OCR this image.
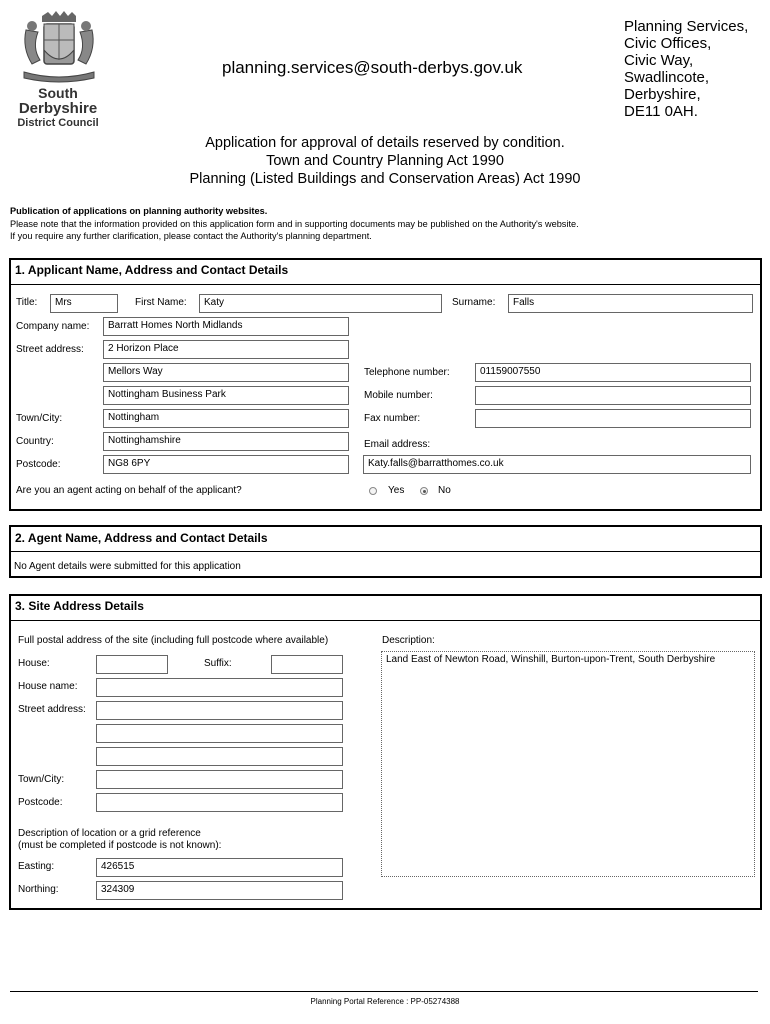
South
Derbyshire
District Council
planning.services@south-derbys.gov.uk
Planning Services,
Civic Offices,
Civic Way,
Swadlincote,
Derbyshire,
DE11 0AH.
Application for approval of details reserved by condition.
Town and Country Planning Act 1990
Planning (Listed Buildings and Conservation Areas) Act 1990
Publication of applications on planning authority websites.
Please note that the information provided on this application form and in supporting documents may be published on the Authority's website.
If you require any further clarification, please contact the Authority's planning department.
1. Applicant Name, Address and Contact Details
Title:	Mrs	First Name:	Katy	Surname:	Falls
Company name:	Barratt Homes North Midlands
Street address:	2 Horizon Place
Mellors Way
Nottingham Business Park
Town/City:	Nottingham
Country:	Nottinghamshire
Postcode:	NG8 6PY
Telephone number:	01159007550
Mobile number:
Fax number:
Email address:
Katy.falls@barratthomes.co.uk
Are you an agent acting on behalf of the applicant?	Yes	No
2. Agent Name, Address and Contact Details
No Agent details were submitted for this application
3. Site Address Details
Full postal address of the site (including full postcode where available)
House:	Suffix:
House name:
Street address:
Town/City:
Postcode:
Description of location or a grid reference
(must be completed if postcode is not known):
Easting:	426515
Northing:	324309
Description:
Land East of Newton Road, Winshill, Burton-upon-Trent, South Derbyshire
Planning Portal Reference : PP-05274388
